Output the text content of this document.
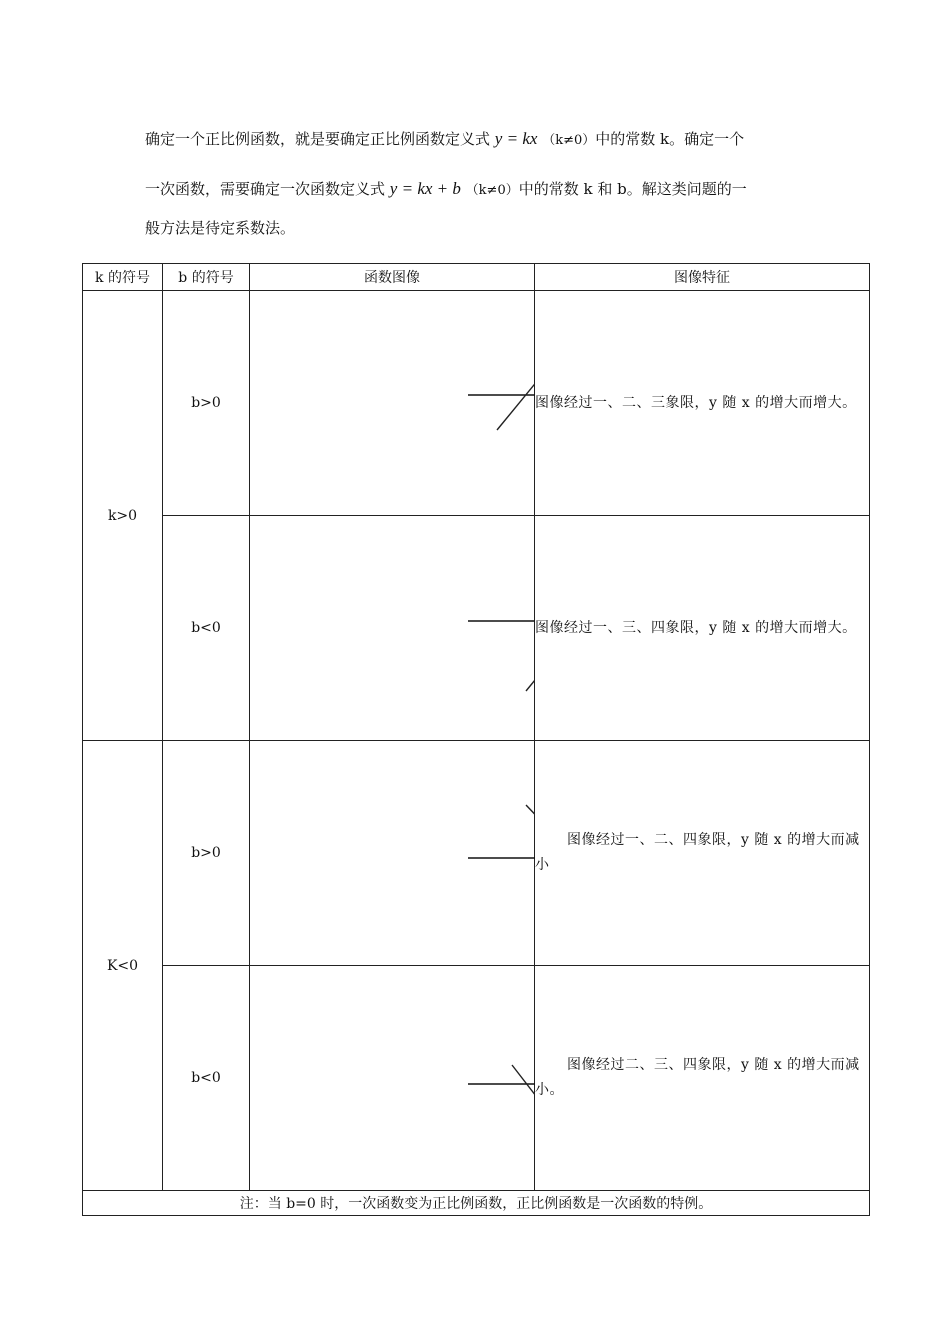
确定一个正比例函数，就是要确定正比例函数定义式 y = kx （k≠0）中的常数 k。确定一个
一次函数，需要确定一次函数定义式 y = kx + b （k≠0）中的常数 k 和 b。解这类问题的一
般方法是待定系数法。
k 的符号	b 的符号	函数图像	图像特征
k>0	b>0		图像经过一、二、三象限，y 随 x 的增大而增大。
	b<0		图像经过一、三、四象限，y 随 x 的增大而增大。
K<0	b>0		图像经过一、二、四象限，y 随 x 的增大而减小
	b<0		图像经过二、三、四象限，y 随 x 的增大而减小。
注：当 b=0 时，一次函数变为正比例函数，正比例函数是一次函数的特例。			
